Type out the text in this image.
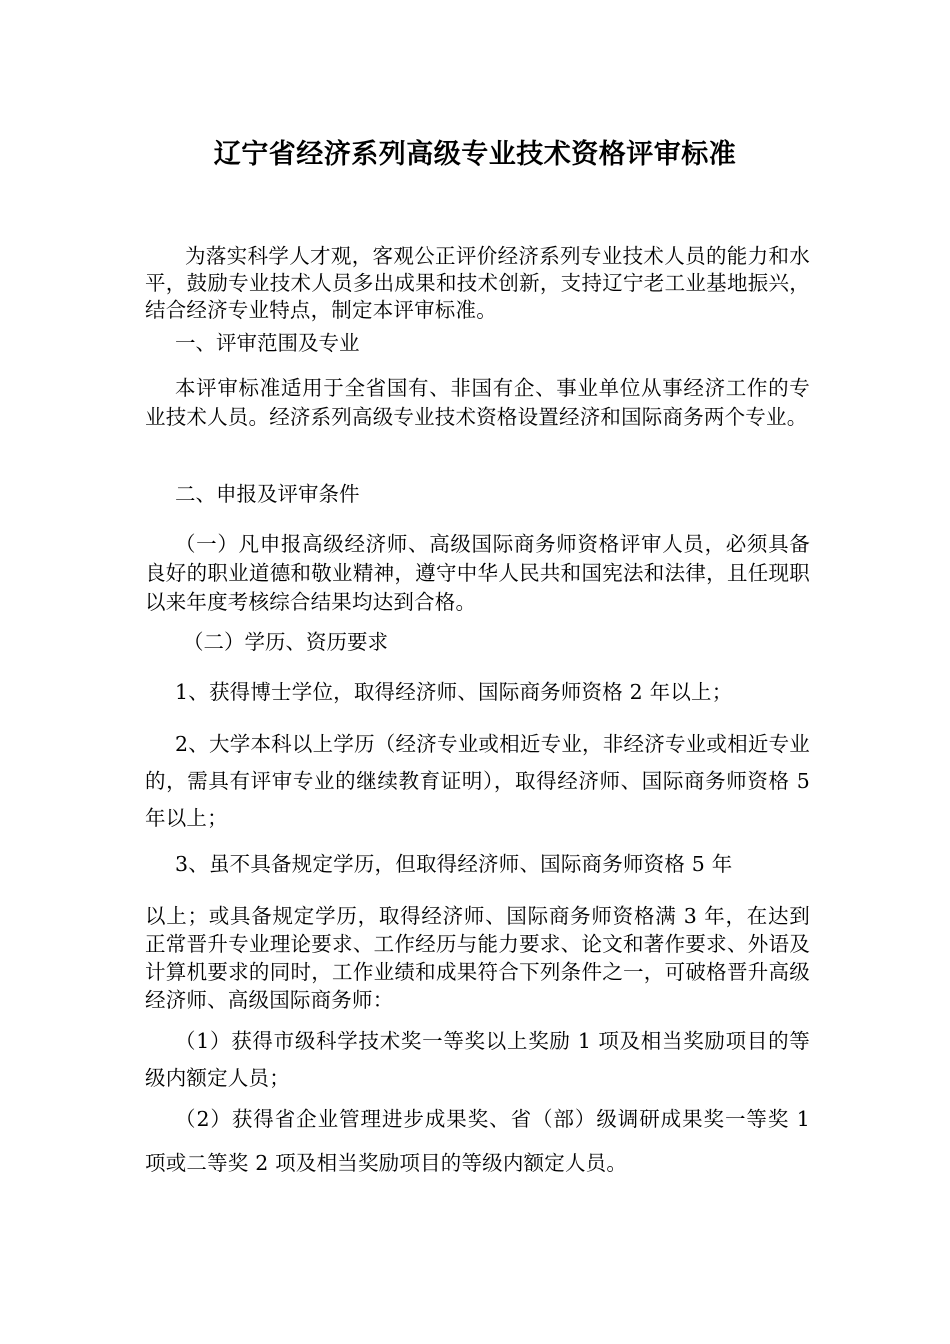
辽宁省经济系列高级专业技术资格评审标准
为落实科学人才观，客观公正评价经济系列专业技术人员的能力和水平，鼓励专业技术人员多出成果和技术创新，支持辽宁老工业基地振兴，结合经济专业特点，制定本评审标准。
一、评审范围及专业
本评审标准适用于全省国有、非国有企、事业单位从事经济工作的专业技术人员。经济系列高级专业技术资格设置经济和国际商务两个专业。
二、申报及评审条件
（一）凡申报高级经济师、高级国际商务师资格评审人员，必须具备良好的职业道德和敬业精神，遵守中华人民共和国宪法和法律，且任现职以来年度考核综合结果均达到合格。
（二）学历、资历要求
1、获得博士学位，取得经济师、国际商务师资格 2 年以上；
2、大学本科以上学历（经济专业或相近专业，非经济专业或相近专业的，需具有评审专业的继续教育证明），取得经济师、国际商务师资格 5 年以上；
3、虽不具备规定学历，但取得经济师、国际商务师资格 5 年
以上；或具备规定学历，取得经济师、国际商务师资格满 3 年，在达到正常晋升专业理论要求、工作经历与能力要求、论文和著作要求、外语及计算机要求的同时，工作业绩和成果符合下列条件之一，可破格晋升高级经济师、高级国际商务师：
（1）获得市级科学技术奖一等奖以上奖励 1 项及相当奖励项目的等级内额定人员；
（2）获得省企业管理进步成果奖、省（部）级调研成果奖一等奖 1 项或二等奖 2 项及相当奖励项目的等级内额定人员。
